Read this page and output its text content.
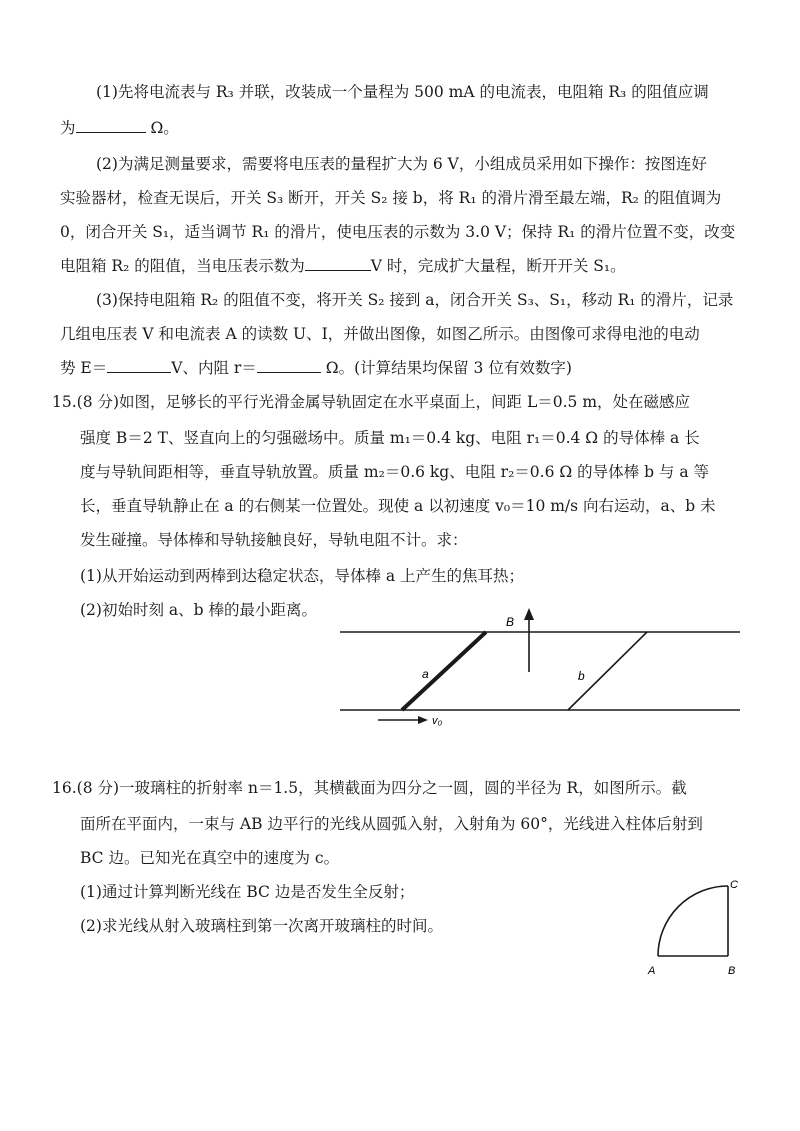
(1)先将电流表与 R₃ 并联，改装成一个量程为 500 mA 的电流表，电阻箱 R₃ 的阻值应调
为	Ω。
(2)为满足测量要求，需要将电压表的量程扩大为 6 V，小组成员采用如下操作：按图连好
实验器材，检查无误后，开关 S₃ 断开，开关 S₂ 接 b，将 R₁ 的滑片滑至最左端，R₂ 的阻值调为
0，闭合开关 S₁，适当调节 R₁ 的滑片，使电压表的示数为 3.0 V；保持 R₁ 的滑片位置不变，改变
电阻箱 R₂ 的阻值，当电压表示数为	V 时，完成扩大量程，断开开关 S₁。
(3)保持电阻箱 R₂ 的阻值不变，将开关 S₂ 接到 a，闭合开关 S₃、S₁，移动 R₁ 的滑片，记录
几组电压表 V 和电流表 A 的读数 U、I，并做出图像，如图乙所示。由图像可求得电池的电动
势 E＝	V、内阻 r＝	Ω。(计算结果均保留 3 位有效数字)
15.(8 分)如图，足够长的平行光滑金属导轨固定在水平桌面上，间距 L＝0.5 m，处在磁感应
强度 B＝2 T、竖直向上的匀强磁场中。质量 m₁＝0.4 kg、电阻 r₁＝0.4 Ω 的导体棒 a 长
度与导轨间距相等，垂直导轨放置。质量 m₂＝0.6 kg、电阻 r₂＝0.6 Ω 的导体棒 b 与 a 等
长，垂直导轨静止在 a 的右侧某一位置处。现使 a 以初速度 v₀＝10 m/s 向右运动，a、b 未
发生碰撞。导体棒和导轨接触良好，导轨电阻不计。求：
(1)从开始运动到两棒到达稳定状态，导体棒 a 上产生的焦耳热；
(2)初始时刻 a、b 棒的最小距离。
B
a	b
v₀
16.(8 分)一玻璃柱的折射率 n＝1.5，其横截面为四分之一圆，圆的半径为 R，如图所示。截
面所在平面内，一束与 AB 边平行的光线从圆弧入射，入射角为 60°，光线进入柱体后射到
BC 边。已知光在真空中的速度为 c。
(1)通过计算判断光线在 BC 边是否发生全反射；
(2)求光线从射入玻璃柱到第一次离开玻璃柱的时间。
A	B
C
